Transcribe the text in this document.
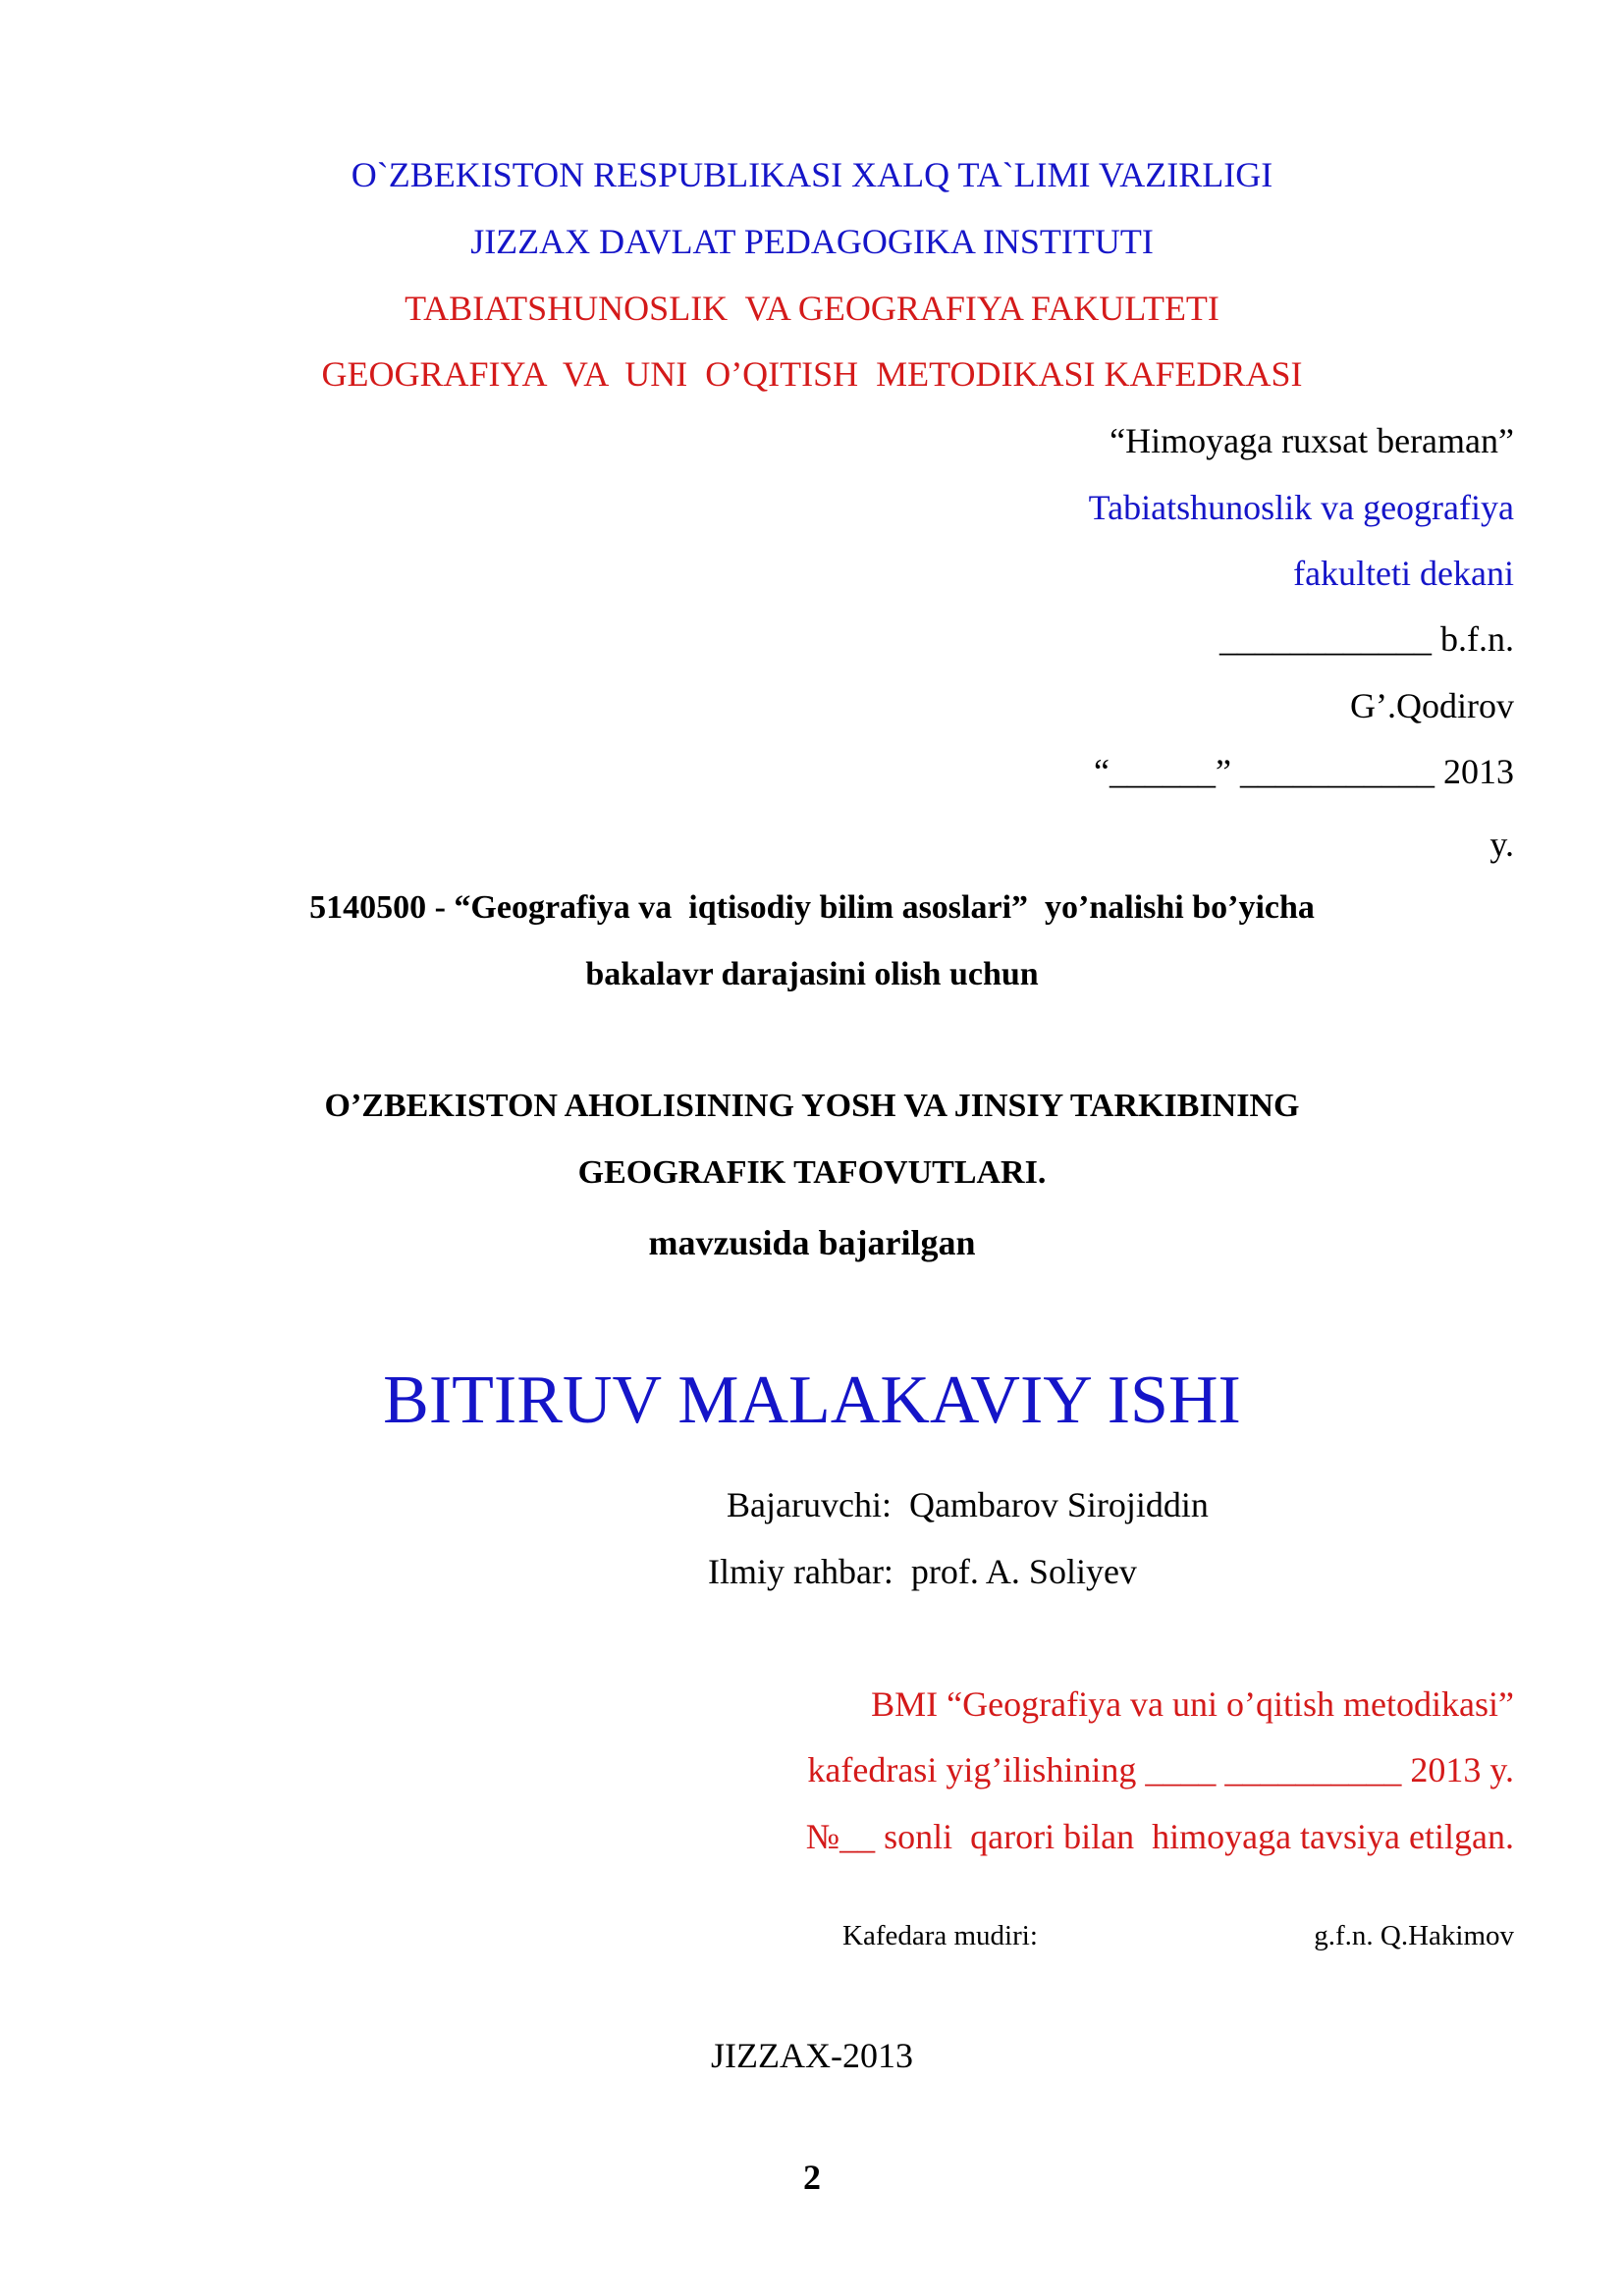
O`ZBEKISTON RESPUBLIKASI XALQ TA`LIMI VAZIRLIGI
JIZZAX DAVLAT PEDAGOGIKA INSTITUTI
TABIATSHUNOSLIK  VA GEOGRAFIYA FAKULTETI
GEOGRAFIYA  VA  UNI  O’QITISH  METODIKASI KAFEDRASI
“Himoyaga ruxsat beraman”
Tabiatshunoslik va geografiya
fakulteti dekani
____________ b.f.n.
G’.Qodirov
“______” ___________ 2013
y.
5140500 - “Geografiya va  iqtisodiy bilim asoslari”  yo’nalishi bo’yicha
bakalavr darajasini olish uchun
O’ZBEKISTON AHOLISINING YOSH VA JINSIY TARKIBINING
GEOGRAFIK TAFOVUTLARI.
mavzusida bajarilgan
BITIRUV MALAKAVIY ISHI
Bajaruvchi:  Qambarov Sirojiddin
Ilmiy rahbar:  prof. A. Soliyev
BMI “Geografiya va uni o’qitish metodikasi”
kafedrasi yig’ilishining ____ __________ 2013 y.
№__ sonli  qarori bilan  himoyaga tavsiya etilgan.
Kafedara mudiri:	g.f.n. Q.Hakimov
JIZZAX-2013
2
